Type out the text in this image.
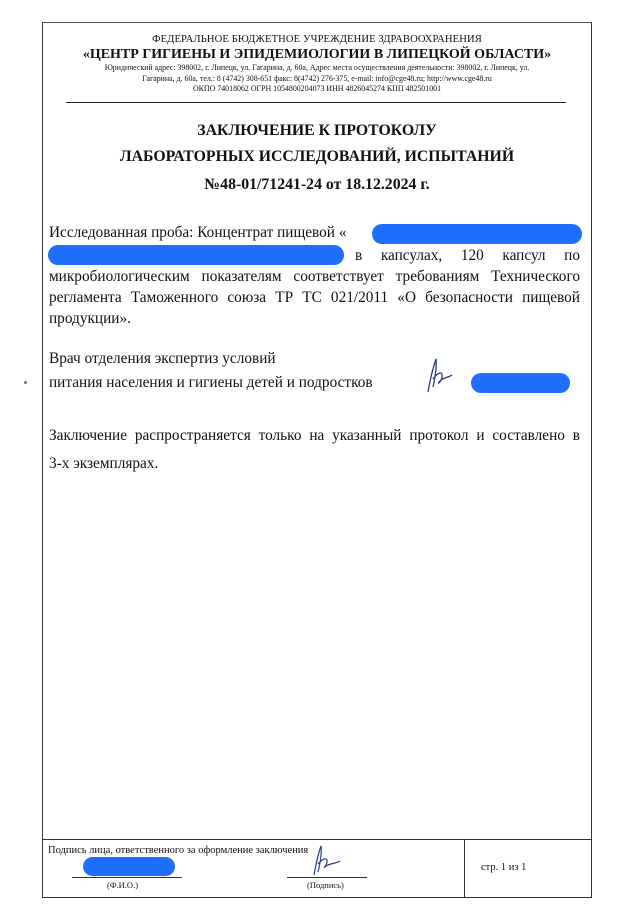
ФЕДЕРАЛЬНОЕ БЮДЖЕТНОЕ УЧРЕЖДЕНИЕ ЗДРАВООХРАНЕНИЯ
«ЦЕНТР ГИГИЕНЫ И ЭПИДЕМИОЛОГИИ В ЛИПЕЦКОЙ ОБЛАСТИ»
Юридический адрес: 398002, г. Липецк, ул. Гагарина, д. 60а, Адрес места осуществления деятельности: 398002, г. Липецк, ул.
Гагарина, д. 60а, тел.: 8 (4742) 308-651 факс: 8(4742) 276-375, e-mail: info@cge48.ru; http://www.cge48.ru
ОКПО 74018062 ОГРН 1054800204073 ИНН 4826045274 КПП 482501001
ЗАКЛЮЧЕНИЕ К ПРОТОКОЛУ
ЛАБОРАТОРНЫХ ИССЛЕДОВАНИЙ, ИСПЫТАНИЙ
№48-01/71241-24 от 18.12.2024 г.
Исследованная проба: Концентрат пищевой «
в капсулах, 120 капсул по
микробиологическим показателям соответствует требованиям Технического
регламента Таможенного союза ТР ТС 021/2011 «О безопасности пищевой
продукции».
Врач отделения экспертиз условий
питания населения и гигиены детей и подростков
Заключение распространяется только на указанный протокол и составлено в
3-х экземплярах.
Подпись лица, ответственного за оформление заключения
(Ф.И.О.)	(Подпись)
стр. 1 из 1
